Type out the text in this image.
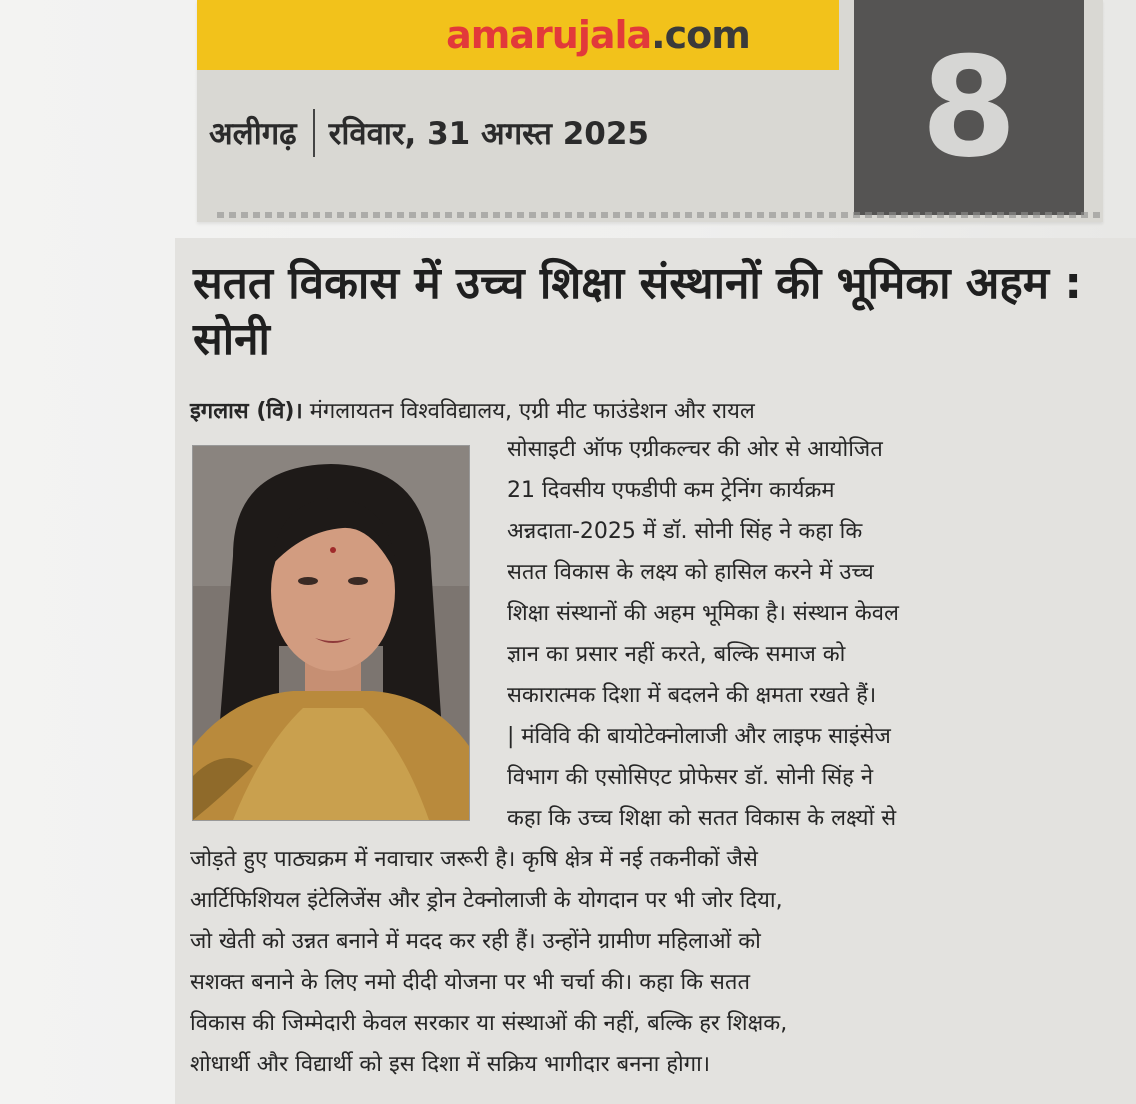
amarujala.com
अलीगढ़ रविवार, 31 अगस्त 2025 8
सतत विकास में उच्च शिक्षा संस्थानों की भूमिका अहम : सोनी

इगलास (वि)। मंगलायतन विश्वविद्यालय, एग्री मीट फाउंडेशन और रायल

सोसाइटी ऑफ एग्रीकल्चर की ओर से आयोजित

21 दिवसीय एफडीपी कम ट्रेनिंग कार्यक्रम

अन्नदाता-2025 में डॉ. सोनी सिंह ने कहा कि

सतत विकास के लक्ष्य को हासिल करने में उच्च

शिक्षा संस्थानों की अहम भूमिका है। संस्थान केवल

ज्ञान का प्रसार नहीं करते, बल्कि समाज को

सकारात्मक दिशा में बदलने की क्षमता रखते हैं।

| मंविवि की बायोटेक्नोलाजी और लाइफ साइंसेज

विभाग की एसोसिएट प्रोफेसर डॉ. सोनी सिंह ने

कहा कि उच्च शिक्षा को सतत विकास के लक्ष्यों से

जोड़ते हुए पाठ्यक्रम में नवाचार जरूरी है। कृषि क्षेत्र में नई तकनीकों जैसे

आर्टिफिशियल इंटेलिजेंस और ड्रोन टेक्नोलाजी के योगदान पर भी जोर दिया,

जो खेती को उन्नत बनाने में मदद कर रही हैं। उन्होंने ग्रामीण महिलाओं को

सशक्त बनाने के लिए नमो दीदी योजना पर भी चर्चा की। कहा कि सतत

विकास की जिम्मेदारी केवल सरकार या संस्थाओं की नहीं, बल्कि हर शिक्षक,

शोधार्थी और विद्यार्थी को इस दिशा में सक्रिय भागीदार बनना होगा।
